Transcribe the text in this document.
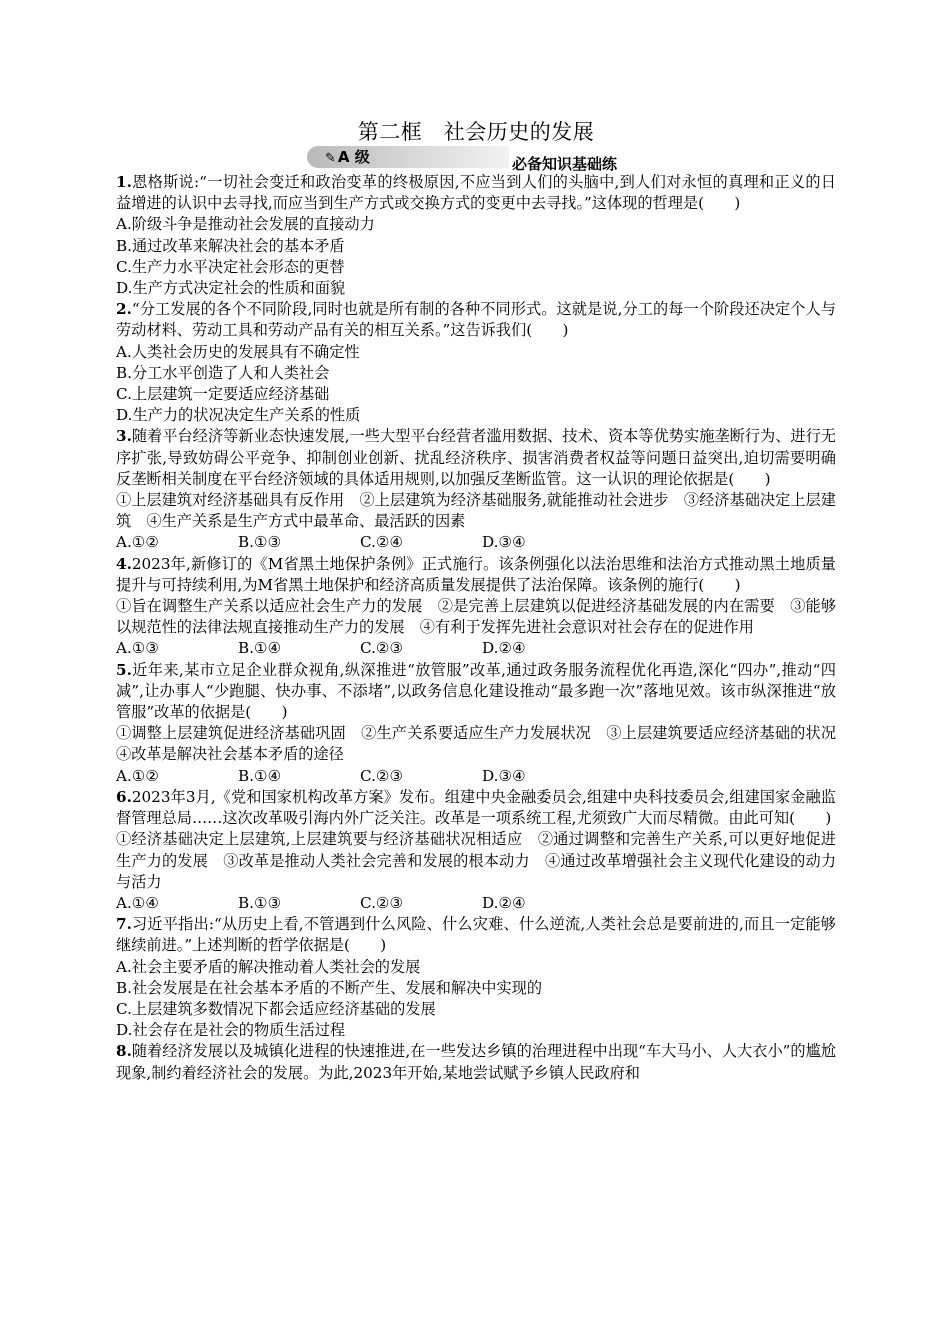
第二框　社会历史的发展
✎ A 级	必备知识基础练
1.恩格斯说:“一切社会变迁和政治变革的终极原因,不应当到人们的头脑中,到人们对永恒的真理和正义的日益增进的认识中去寻找,而应当到生产方式或交换方式的变更中去寻找。”这体现的哲理是(　　)
A.阶级斗争是推动社会发展的直接动力
B.通过改革来解决社会的基本矛盾
C.生产力水平决定社会形态的更替
D.生产方式决定社会的性质和面貌
2.“分工发展的各个不同阶段,同时也就是所有制的各种不同形式。这就是说,分工的每一个阶段还决定个人与劳动材料、劳动工具和劳动产品有关的相互关系。”这告诉我们(　　)
A.人类社会历史的发展具有不确定性
B.分工水平创造了人和人类社会
C.上层建筑一定要适应经济基础
D.生产力的状况决定生产关系的性质
3.随着平台经济等新业态快速发展,一些大型平台经营者滥用数据、技术、资本等优势实施垄断行为、进行无序扩张,导致妨碍公平竞争、抑制创业创新、扰乱经济秩序、损害消费者权益等问题日益突出,迫切需要明确反垄断相关制度在平台经济领域的具体适用规则,以加强反垄断监管。这一认识的理论依据是(　　)
①上层建筑对经济基础具有反作用　②上层建筑为经济基础服务,就能推动社会进步　③经济基础决定上层建筑　④生产关系是生产方式中最革命、最活跃的因素
A.①②	B.①③	C.②④	D.③④
4.2023年,新修订的《M省黑土地保护条例》正式施行。该条例强化以法治思维和法治方式推动黑土地质量提升与可持续利用,为M省黑土地保护和经济高质量发展提供了法治保障。该条例的施行(　　)
①旨在调整生产关系以适应社会生产力的发展　②是完善上层建筑以促进经济基础发展的内在需要　③能够以规范性的法律法规直接推动生产力的发展　④有利于发挥先进社会意识对社会存在的促进作用
A.①③	B.①④	C.②③	D.②④
5.近年来,某市立足企业群众视角,纵深推进“放管服”改革,通过政务服务流程优化再造,深化“四办”,推动“四减”,让办事人“少跑腿、快办事、不添堵”,以政务信息化建设推动“最多跑一次”落地见效。该市纵深推进“放管服”改革的依据是(　　)
①调整上层建筑促进经济基础巩固　②生产关系要适应生产力发展状况　③上层建筑要适应经济基础的状况　④改革是解决社会基本矛盾的途径
A.①②	B.①④	C.②③	D.③④
6.2023年3月,《党和国家机构改革方案》发布。组建中央金融委员会,组建中央科技委员会,组建国家金融监督管理总局……这次改革吸引海内外广泛关注。改革是一项系统工程,尤须致广大而尽精微。由此可知(　　)
①经济基础决定上层建筑,上层建筑要与经济基础状况相适应　②通过调整和完善生产关系,可以更好地促进生产力的发展　③改革是推动人类社会完善和发展的根本动力　④通过改革增强社会主义现代化建设的动力与活力
A.①④	B.①③	C.②③	D.②④
7.习近平指出:“从历史上看,不管遇到什么风险、什么灾难、什么逆流,人类社会总是要前进的,而且一定能够继续前进。”上述判断的哲学依据是(　　)
A.社会主要矛盾的解决推动着人类社会的发展
B.社会发展是在社会基本矛盾的不断产生、发展和解决中实现的
C.上层建筑多数情况下都会适应经济基础的发展
D.社会存在是社会的物质生活过程
8.随着经济发展以及城镇化进程的快速推进,在一些发达乡镇的治理进程中出现“车大马小、人大衣小”的尴尬现象,制约着经济社会的发展。为此,2023年开始,某地尝试赋予乡镇人民政府和
